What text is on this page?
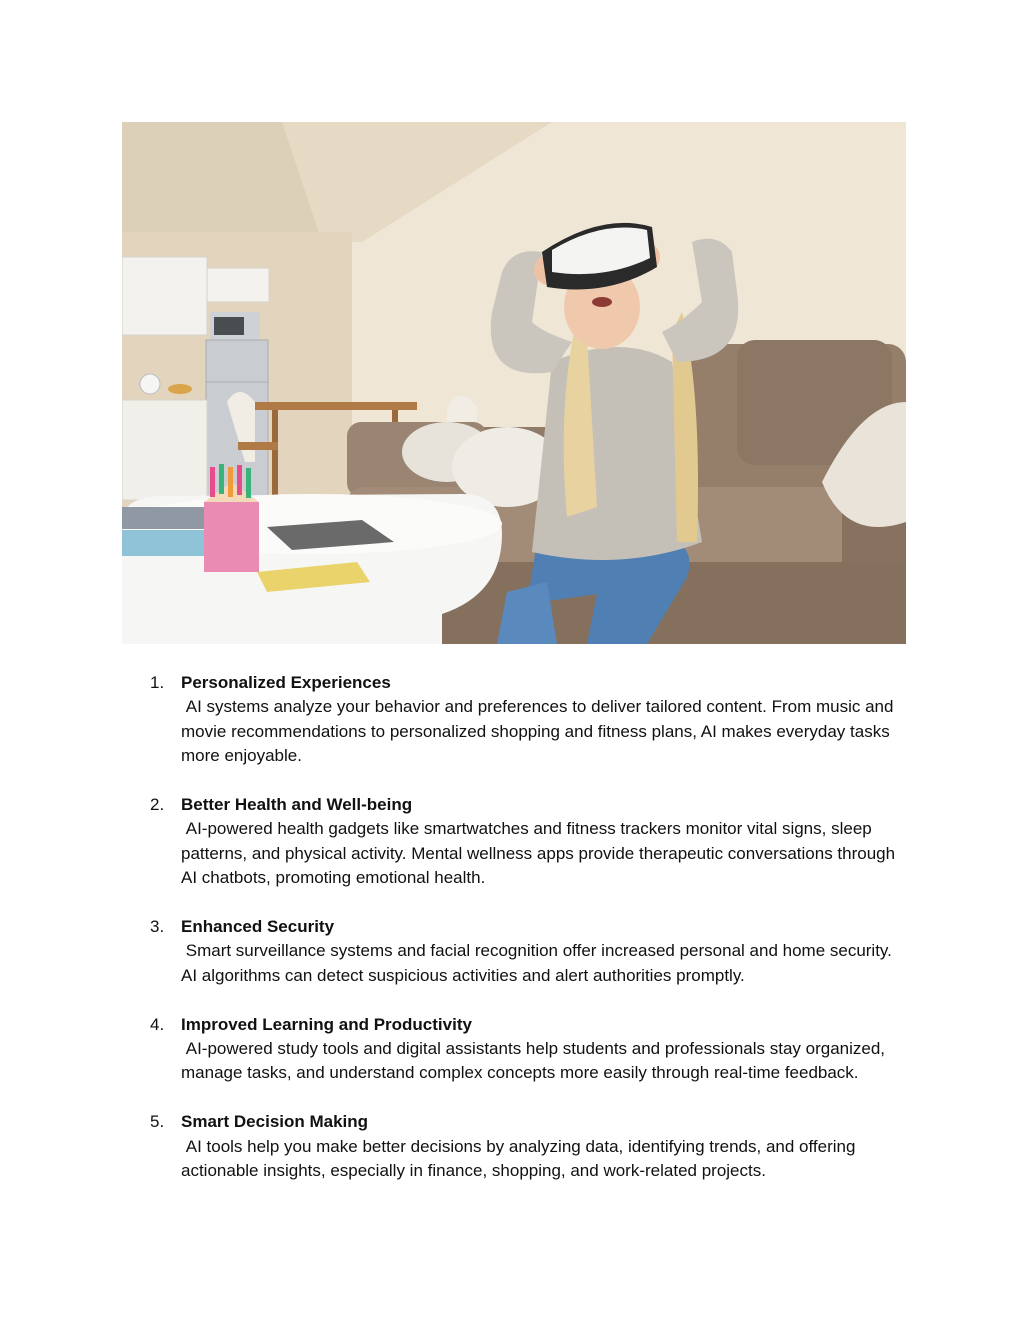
1. Personalized Experiences
AI systems analyze your behavior and preferences to deliver tailored content. From music and movie recommendations to personalized shopping and fitness plans, AI makes everyday tasks more enjoyable.
2. Better Health and Well-being
AI-powered health gadgets like smartwatches and fitness trackers monitor vital signs, sleep patterns, and physical activity. Mental wellness apps provide therapeutic conversations through AI chatbots, promoting emotional health.
3. Enhanced Security
Smart surveillance systems and facial recognition offer increased personal and home security. AI algorithms can detect suspicious activities and alert authorities promptly.
4. Improved Learning and Productivity
AI-powered study tools and digital assistants help students and professionals stay organized, manage tasks, and understand complex concepts more easily through real-time feedback.
5. Smart Decision Making
AI tools help you make better decisions by analyzing data, identifying trends, and offering actionable insights, especially in finance, shopping, and work-related projects.
